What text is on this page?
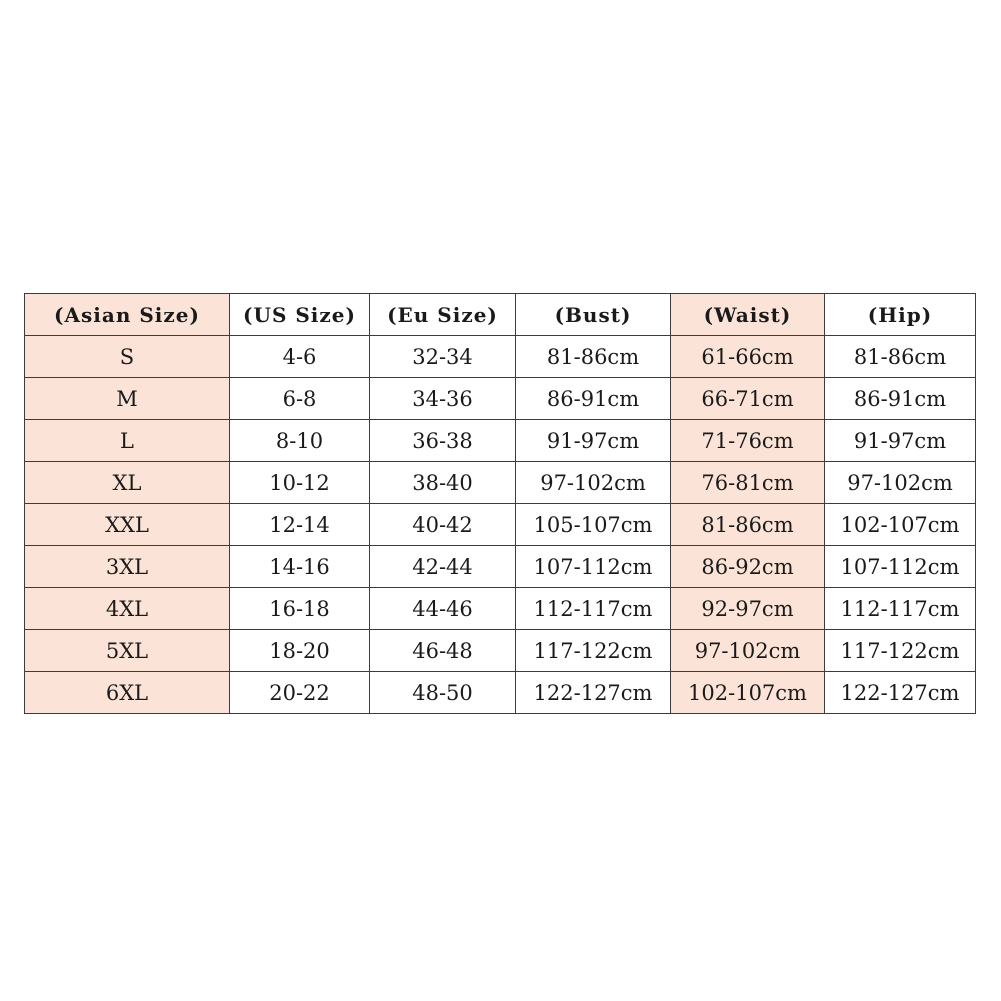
(Asian Size)	(US Size)	(Eu Size)	(Bust)	(Waist)	(Hip)
S	4-6	32-34	81-86cm	61-66cm	81-86cm
M	6-8	34-36	86-91cm	66-71cm	86-91cm
L	8-10	36-38	91-97cm	71-76cm	91-97cm
XL	10-12	38-40	97-102cm	76-81cm	97-102cm
XXL	12-14	40-42	105-107cm	81-86cm	102-107cm
3XL	14-16	42-44	107-112cm	86-92cm	107-112cm
4XL	16-18	44-46	112-117cm	92-97cm	112-117cm
5XL	18-20	46-48	117-122cm	97-102cm	117-122cm
6XL	20-22	48-50	122-127cm	102-107cm	122-127cm
